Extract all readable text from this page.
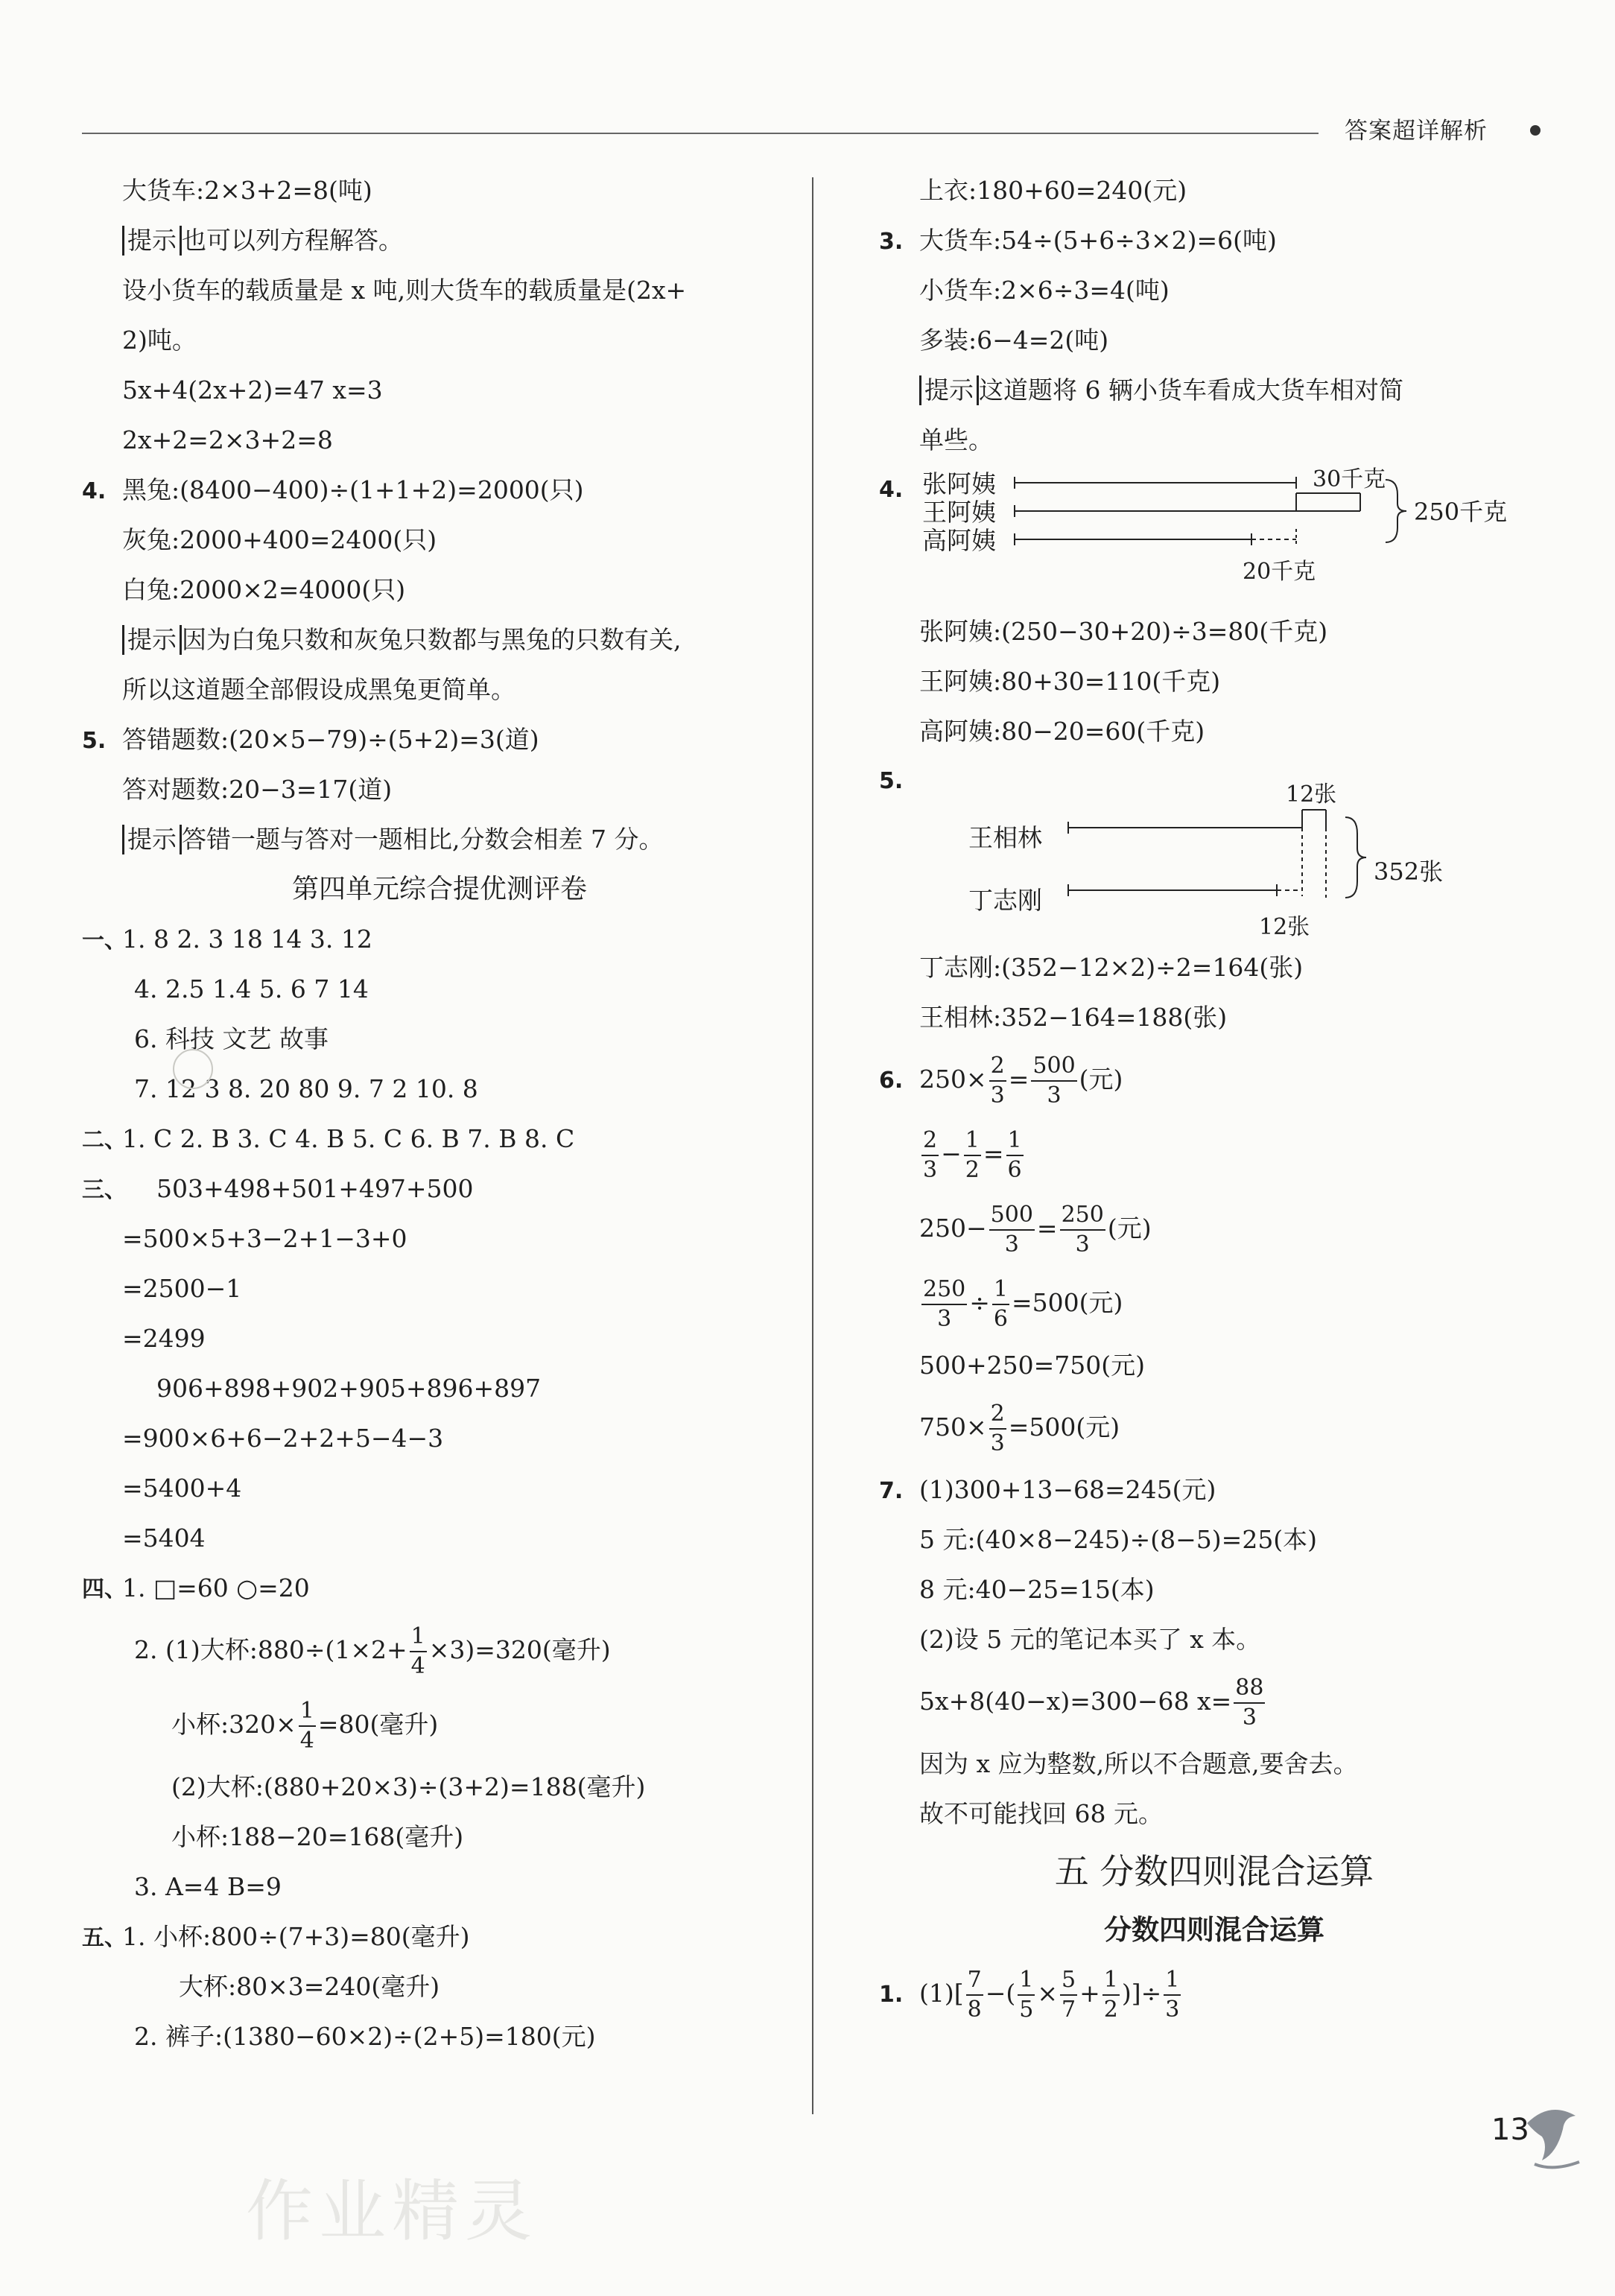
答案超详解析
大货车:2×3+2=8(吨)
提示 也可以列方程解答。
设小货车的载质量是 x 吨,则大货车的载质量是(2x+
2)吨。
5x+4(2x+2)=47 x=3
2x+2=2×3+2=8
4. 黑兔:(8400−400)÷(1+1+2)=2000(只)
灰兔:2000+400=2400(只)
白兔:2000×2=4000(只)
提示 因为白兔只数和灰兔只数都与黑兔的只数有关,
所以这道题全部假设成黑兔更简单。
5. 答错题数:(20×5−79)÷(5+2)=3(道)
答对题数:20−3=17(道)
提示 答错一题与答对一题相比,分数会相差 7 分。
第四单元综合提优测评卷
一、1. 8 2. 3 18 14 3. 12
4. 2.5 1.4 5. 6 7 14
6. 科技 文艺 故事
7. 12 3 8. 20 80 9. 7 2 10. 8
二、1. C 2. B 3. C 4. B 5. C 6. B 7. B 8. C
三、 503+498+501+497+500
=500×5+3−2+1−3+0
=2500−1
=2499
906+898+902+905+896+897
=900×6+6−2+2+5−4−3
=5400+4
=5404
四、1. □=60 ○=20
2. (1)大杯:880÷(1×2+ $\frac{1}{4} \times 3)=320$(毫升)
小杯:320× $\frac{1}{4} =80$(毫升)
(2)大杯:(880+20×3)÷(3+2)=188(毫升)
小杯:188−20=168(毫升)
3. A=4 B=9
五、1. 小杯:800÷(7+3)=80(毫升)
大杯:80×3=240(毫升)
2. 裤子:(1380−60×2)÷(2+5)=180(元)
上衣:180+60=240(元)
3. 大货车:54÷(5+6÷3×2)=6(吨)
小货车:2×6÷3=4(吨)
多装:6−4=2(吨)
提示 这道题将 6 辆小货车看成大货车相对简
单些。
4. 张阿姨
王阿姨
高阿姨
30千克
20千克
250千克
张阿姨:(250−30+20)÷3=80(千克)
王阿姨:80+30=110(千克)
高阿姨:80−20=60(千克)
5.
王相林
丁志刚
12张
12张
352张
丁志刚:(352−12×2)÷2=164(张)
王相林:352−164=188(张)
6. $250\times \frac{2}{3} = \frac{500}{3}$ (元)
$\frac{2}{3} - \frac{1}{2} = \frac{1}{6}$
$250- \frac{500}{3} = \frac{250}{3}$ (元)
$\frac{250}{3} \div \frac{1}{6} =500$(元)
500+250=750(元)
$750\times \frac{2}{3} =500$(元)
7. (1)300+13−68=245(元)
5 元:(40×8−245)÷(8−5)=25(本)
8 元:40−25=15(本)
(2)设 5 元的笔记本买了 x 本。
5x+8(40−x)=300−68 $x= \frac{88}{3}$
因为 x 应为整数,所以不合题意,要舍去。
故不可能找回 68 元。
五 分数四则混合运算
分数四则混合运算
1. $(1)[ \frac{7}{8}$ −( $\frac{1}{5} \times \frac{5}{7} + \frac{1}{2}$ )]÷ $\frac{1}{3}$
13
作业精灵
